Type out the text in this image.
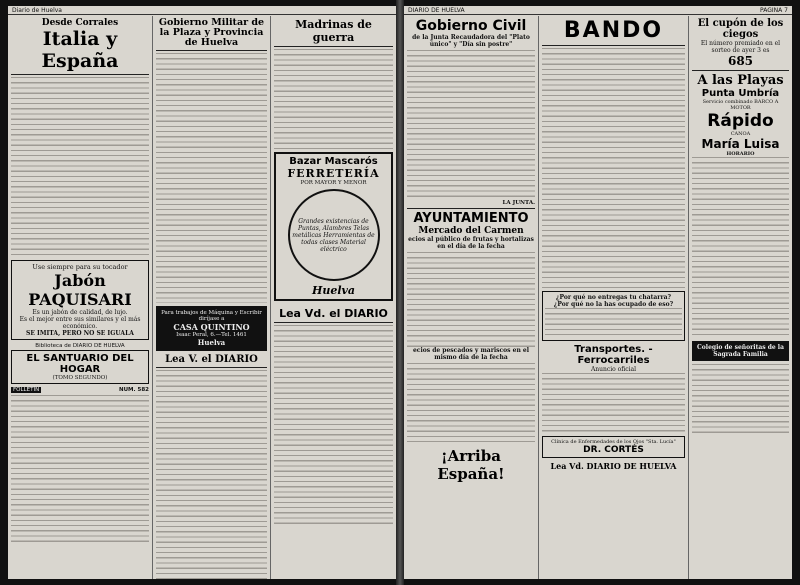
Diario de Huelva
Desde Corrales
Italia y España
Use siempre para su tocador
Jabón PAQUISARI
Es un jabón de calidad, de lujo.
Es el mejor entre sus similares y el más económico.
SE IMITA, PERO NO SE IGUALA
Biblioteca de DIARIO DE HUELVA
EL SANTUARIO DEL HOGAR
(TOMO SEGUNDO)
FOLLETÍN	NUM. 582
Gobierno Militar de la Plaza y Provincia de Huelva
Para trabajos de Máquina y Escribir diríjase a
CASA QUINTINO
Isaac Peral, 6.—Tel. 1461
Huelva
Lea V. el DIARIO
Madrinas de guerra
Bazar Mascarós
FERRETERÍA
POR MAYOR Y MENOR
Grandes existencias de Puntas, Alambres Telas metálicas Herramientas de todas clases Material eléctrico
Huelva
Lea Vd. el DIARIO
DIARIO DE HUELVA	PAGINA 7
Gobierno Civil
de la Junta Recaudadora del "Plato único" y "Día sin postre"
LA JUNTA.
AYUNTAMIENTO
Mercado del Carmen
ecios al público de frutas y hortalizas en el día de la fecha
ecios de pescados y mariscos en el mismo día de la fecha
¡Arriba España!
BANDO
¿Por qué no entregas tu chatarra?
¿Por qué no la has ocupado de eso?
Transportes. - Ferrocarriles
Anuncio oficial
Clínica de Enfermedades de los Ojos "Sta. Lucía"
DR. CORTÉS
Lea Vd. DIARIO DE HUELVA
El cupón de los ciegos
El número premiado en el sorteo de ayer 3 es
685
A las Playas
Punta Umbría
Servicio combinado BARCO A MOTOR
Rápido
CANOA
María Luisa
HORARIO
Colegio de señoritas de la Sagrada Familia
